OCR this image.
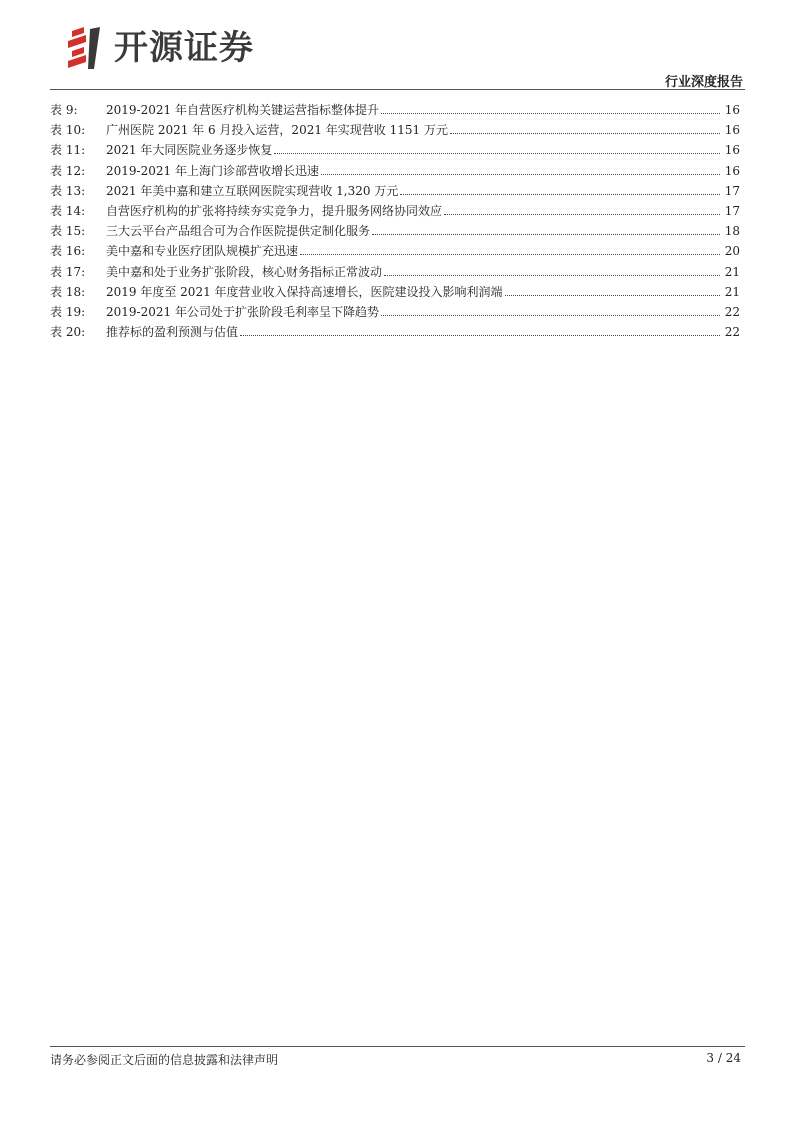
开源证券
行业深度报告
表 9:	2019-2021 年自营医疗机构关键运营指标整体提升	16
表 10:	广州医院 2021 年 6 月投入运营，2021 年实现营收 1151 万元	16
表 11:	2021 年大同医院业务逐步恢复	16
表 12:	2019-2021 年上海门诊部营收增长迅速	16
表 13:	2021 年美中嘉和建立互联网医院实现营收 1,320 万元	17
表 14:	自营医疗机构的扩张将持续夯实竞争力，提升服务网络协同效应	17
表 15:	三大云平台产品组合可为合作医院提供定制化服务	18
表 16:	美中嘉和专业医疗团队规模扩充迅速	20
表 17:	美中嘉和处于业务扩张阶段，核心财务指标正常波动	21
表 18:	2019 年度至 2021 年度营业收入保持高速增长，医院建设投入影响利润端	21
表 19:	2019-2021 年公司处于扩张阶段毛利率呈下降趋势	22
表 20:	推荐标的盈利预测与估值	22
请务必参阅正文后面的信息披露和法律声明	3 / 24
